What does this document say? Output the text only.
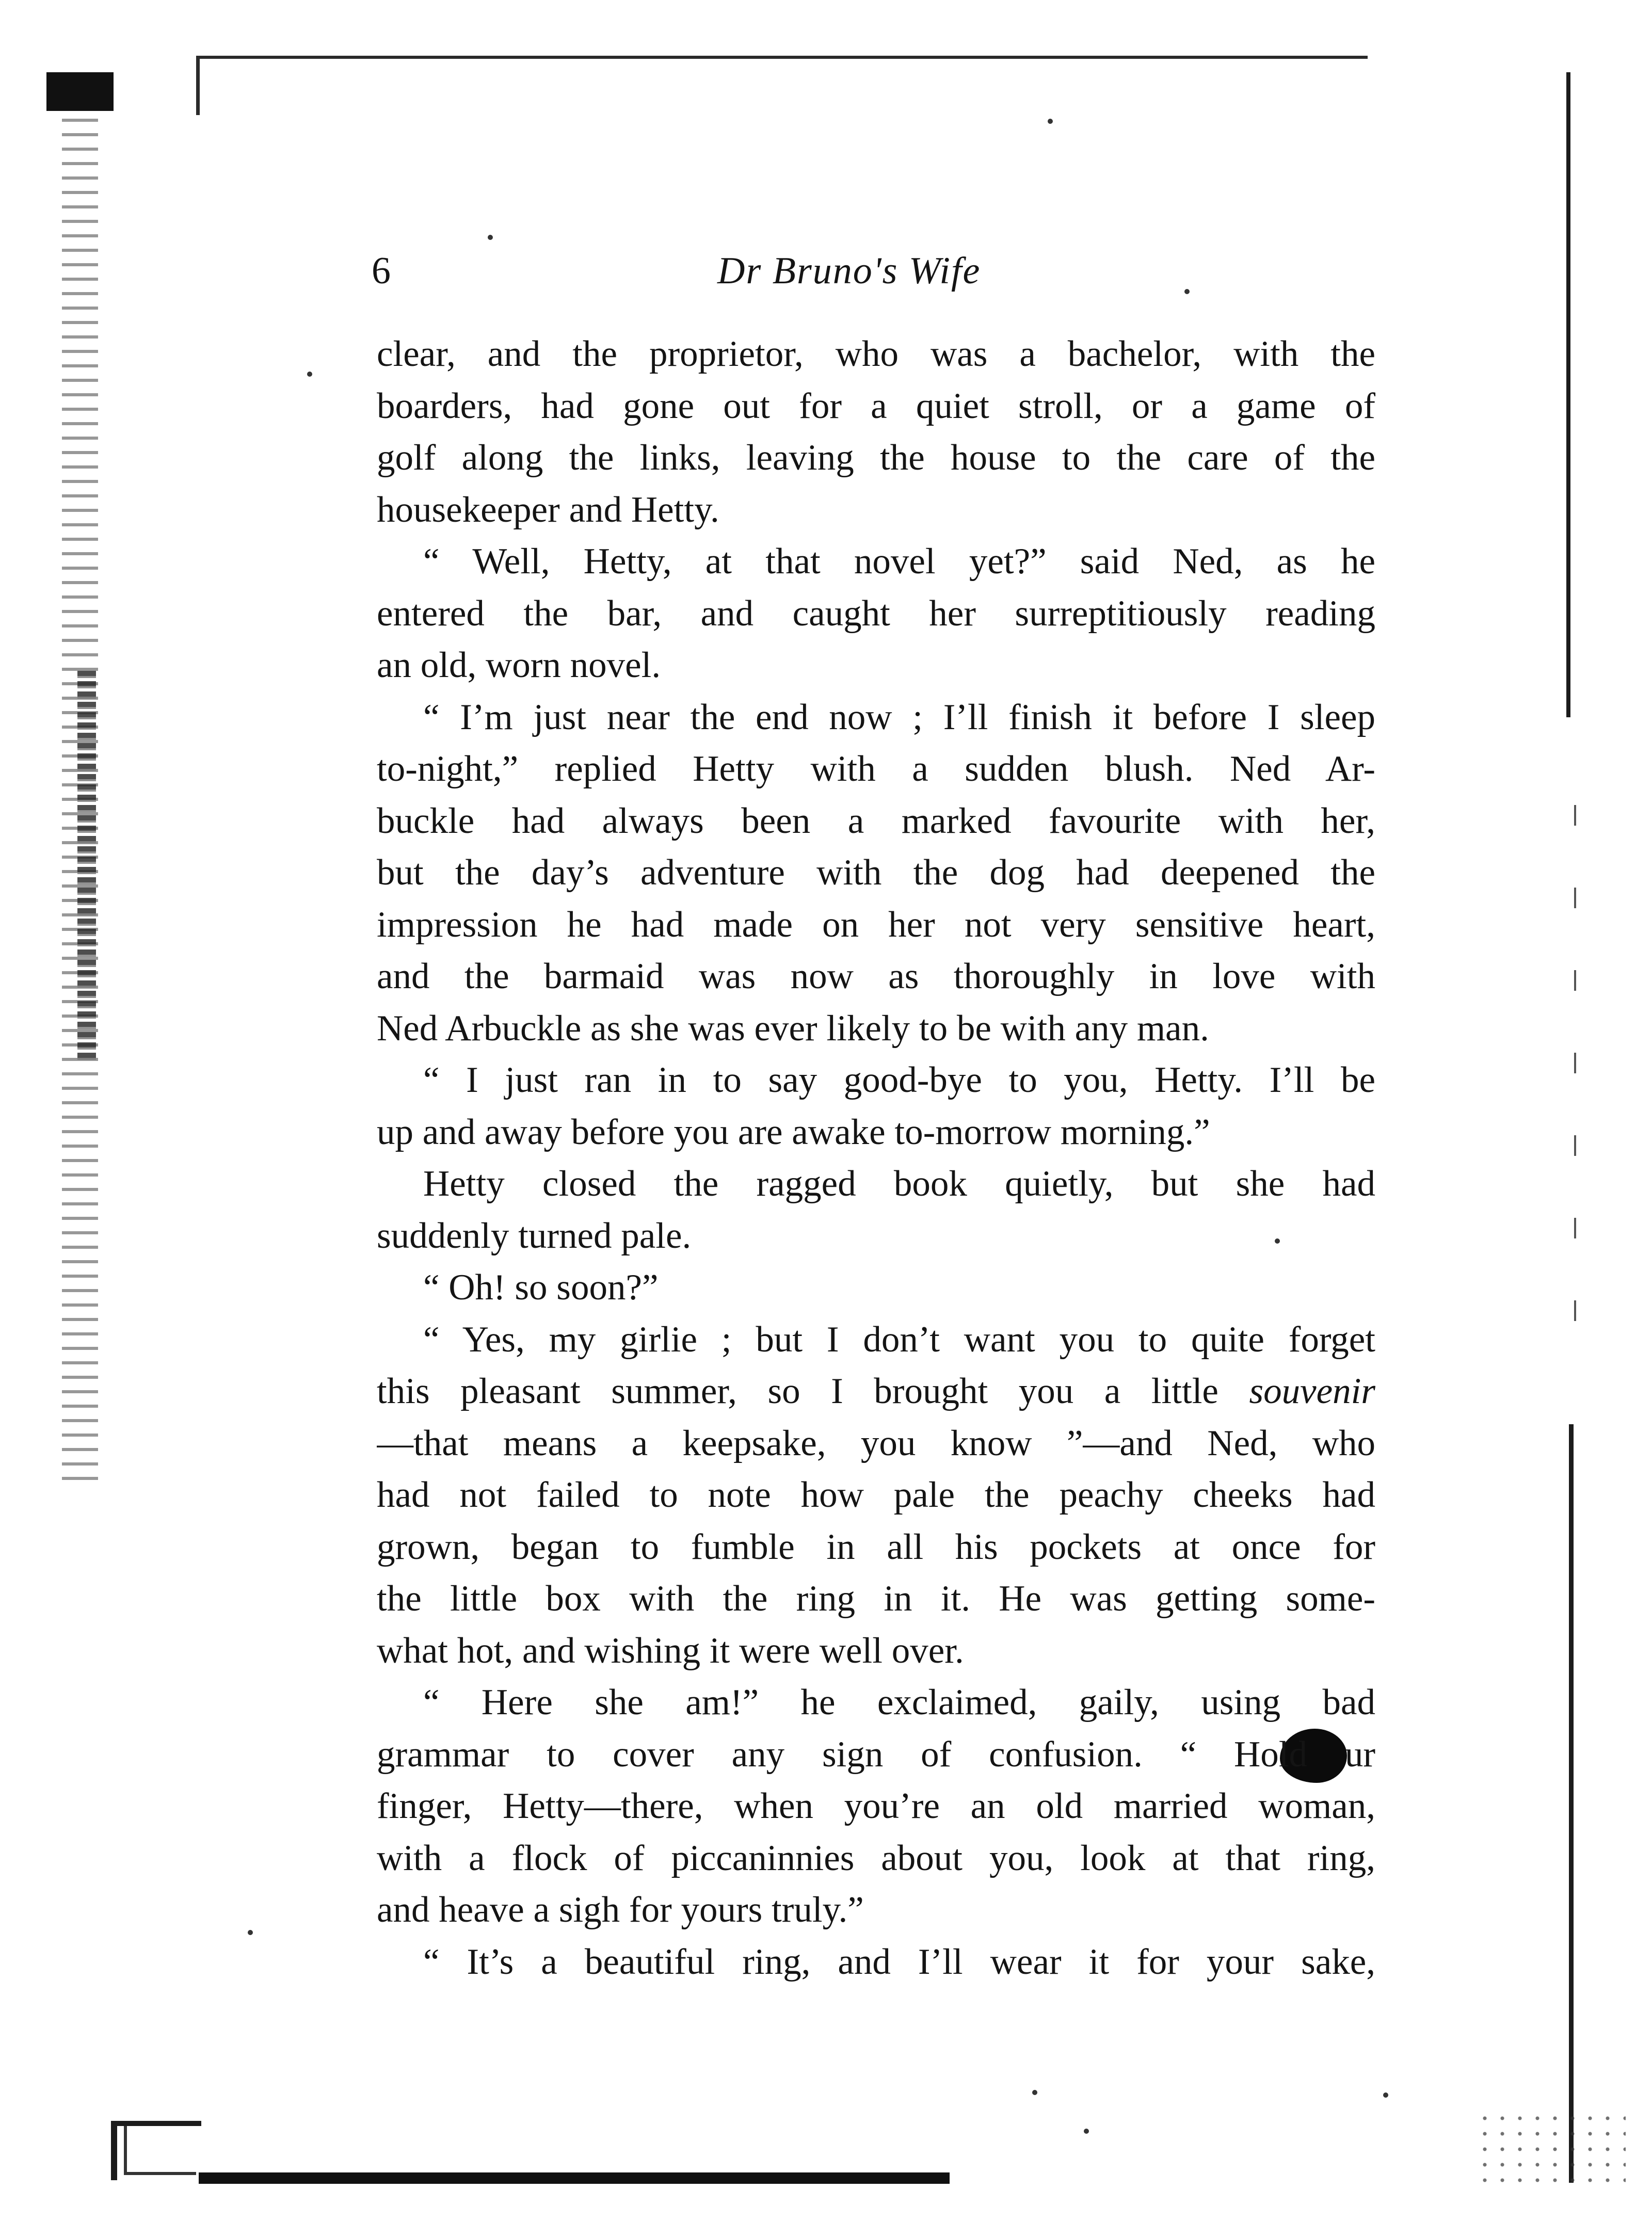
6	Dr Bruno's Wife
clear, and the proprietor, who was a bachelor, with the
boarders, had gone out for a quiet stroll, or a game of
golf along the links, leaving the house to the care of the
housekeeper and Hetty.
“ Well, Hetty, at that novel yet?” said Ned, as he
entered the bar, and caught her surreptitiously reading
an old, worn novel.
“ I’m just near the end now ; I’ll finish it before I sleep
to-night,” replied Hetty with a sudden blush. Ned Ar-
buckle had always been a marked favourite with her,
but the day’s adventure with the dog had deepened the
impression he had made on her not very sensitive heart,
and the barmaid was now as thoroughly in love with
Ned Arbuckle as she was ever likely to be with any man.
“ I just ran in to say good-bye to you, Hetty. I’ll be
up and away before you are awake to-morrow morning.”
Hetty closed the ragged book quietly, but she had
suddenly turned pale.
“ Oh! so soon?”
“ Yes, my girlie ; but I don’t want you to quite forget
this pleasant summer, so I brought you a little souvenir
—that means a keepsake, you know ”—and Ned, who
had not failed to note how pale the peachy cheeks had
grown, began to fumble in all his pockets at once for
the little box with the ring in it. He was getting some-
what hot, and wishing it were well over.
“ Here she am!” he exclaimed, gaily, using bad
grammar to cover any sign of confusion. “ Hold ur
finger, Hetty—there, when you’re an old married woman,
with a flock of piccaninnies about you, look at that ring,
and heave a sigh for yours truly.”
“ It’s a beautiful ring, and I’ll wear it for your sake,
